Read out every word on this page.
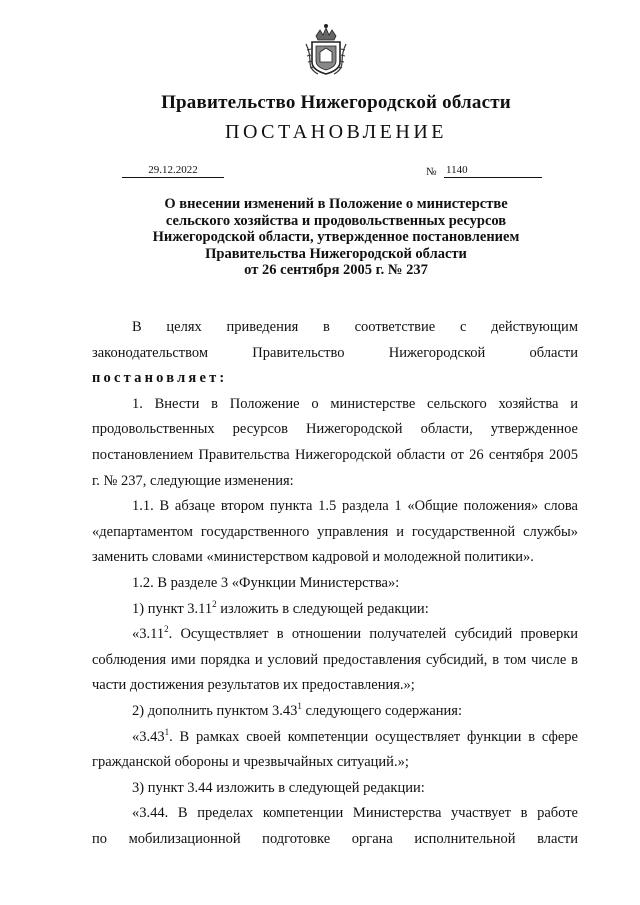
Правительство Нижегородской области
ПОСТАНОВЛЕНИЕ
29.12.2022	№ 1140
О внесении изменений в Положение о министерстве
сельского хозяйства и продовольственных ресурсов
Нижегородской области, утвержденное постановлением
Правительства Нижегородской области
от 26 сентября 2005 г. № 237

В целях приведения в соответствие с действующим

законодательством Правительство Нижегородской области

постановляет:

1. Внести в Положение о министерстве сельского хозяйства и продовольственных ресурсов Нижегородской области, утвержденное постановлением Правительства Нижегородской области от 26 сентября 2005 г. № 237, следующие изменения:

1.1. В абзаце втором пункта 1.5 раздела 1 «Общие положения» слова «департаментом государственного управления и государственной службы» заменить словами «министерством кадровой и молодежной политики».

1.2. В разделе 3 «Функции Министерства»:

1) пункт 3.11$^2$ изложить в следующей редакции:

«3.11$^2$. Осуществляет в отношении получателей субсидий проверки соблюдения ими порядка и условий предоставления субсидий, в том числе в части достижения результатов их предоставления.»;

2) дополнить пунктом 3.43$^1$ следующего содержания:

«3.43$^1$. В рамках своей компетенции осуществляет функции в сфере гражданской обороны и чрезвычайных ситуаций.»;

3) пункт 3.44 изложить в следующей редакции:

«3.44. В пределах компетенции Министерства участвует в работе

по мобилизационной подготовке органа исполнительной власти
